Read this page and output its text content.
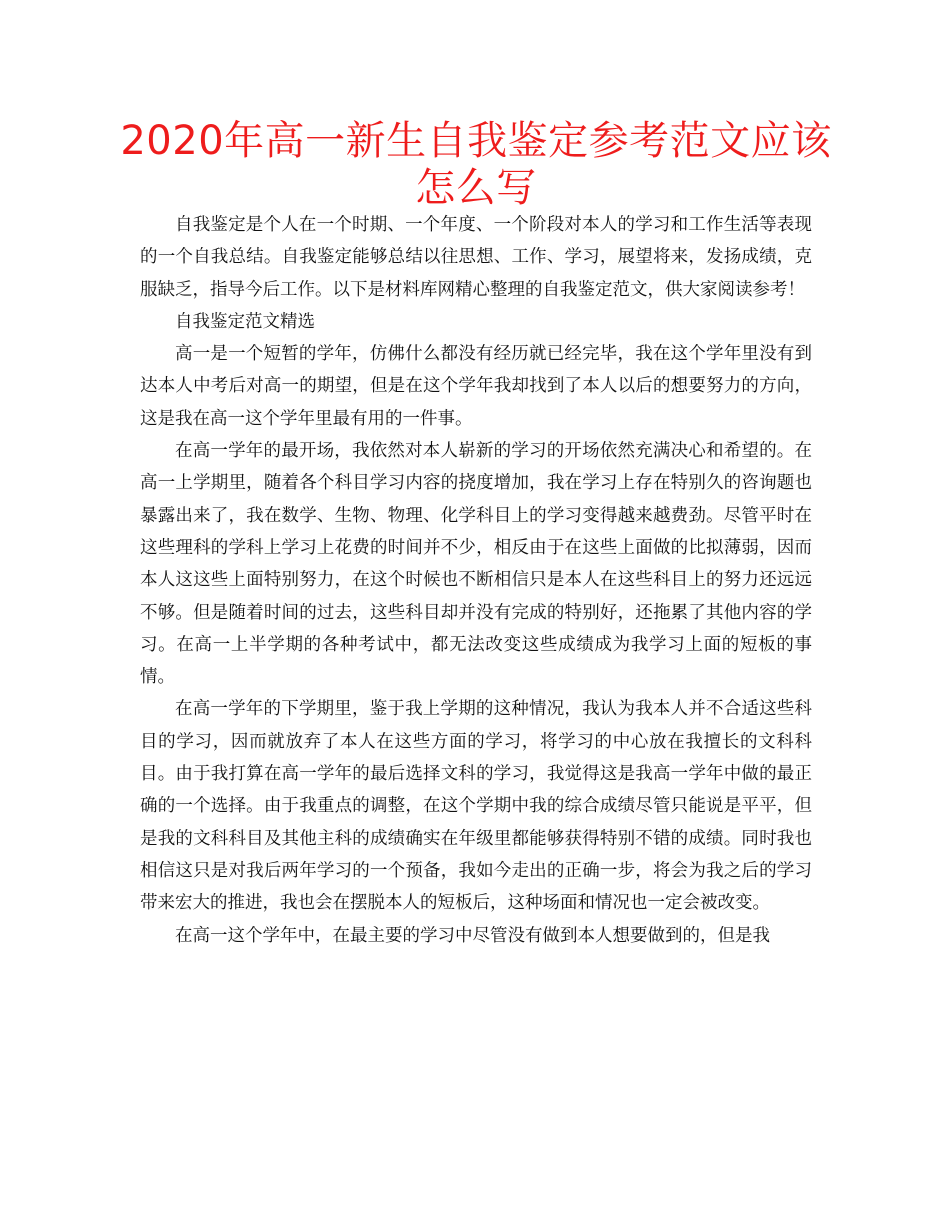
2020年高一新生自我鉴定参考范文应该怎么写

自我鉴定是个人在一个时期、一个年度、一个阶段对本人的学习和工作生活等表现的一个自我总结。自我鉴定能够总结以往思想、工作、学习，展望将来，发扬成绩，克服缺乏，指导今后工作。以下是材料库网精心整理的自我鉴定范文，供大家阅读参考！

自我鉴定范文精选

高一是一个短暂的学年，仿佛什么都没有经历就已经完毕，我在这个学年里没有到达本人中考后对高一的期望，但是在这个学年我却找到了本人以后的想要努力的方向，这是我在高一这个学年里最有用的一件事。

在高一学年的最开场，我依然对本人崭新的学习的开场依然充满决心和希望的。在高一上学期里，随着各个科目学习内容的挠度增加，我在学习上存在特别久的咨询题也暴露出来了，我在数学、生物、物理、化学科目上的学习变得越来越费劲。尽管平时在这些理科的学科上学习上花费的时间并不少，相反由于在这些上面做的比拟薄弱，因而本人这这些上面特别努力，在这个时候也不断相信只是本人在这些科目上的努力还远远不够。但是随着时间的过去，这些科目却并没有完成的特别好，还拖累了其他内容的学习。在高一上半学期的各种考试中，都无法改变这些成绩成为我学习上面的短板的事情。

在高一学年的下学期里，鉴于我上学期的这种情况，我认为我本人并不合适这些科目的学习，因而就放弃了本人在这些方面的学习，将学习的中心放在我擅长的文科科目。由于我打算在高一学年的最后选择文科的学习，我觉得这是我高一学年中做的最正确的一个选择。由于我重点的调整，在这个学期中我的综合成绩尽管只能说是平平，但是我的文科科目及其他主科的成绩确实在年级里都能够获得特别不错的成绩。同时我也相信这只是对我后两年学习的一个预备，我如今走出的正确一步，将会为我之后的学习带来宏大的推进，我也会在摆脱本人的短板后，这种场面和情况也一定会被改变。

在高一这个学年中，在最主要的学习中尽管没有做到本人想要做到的，但是我
